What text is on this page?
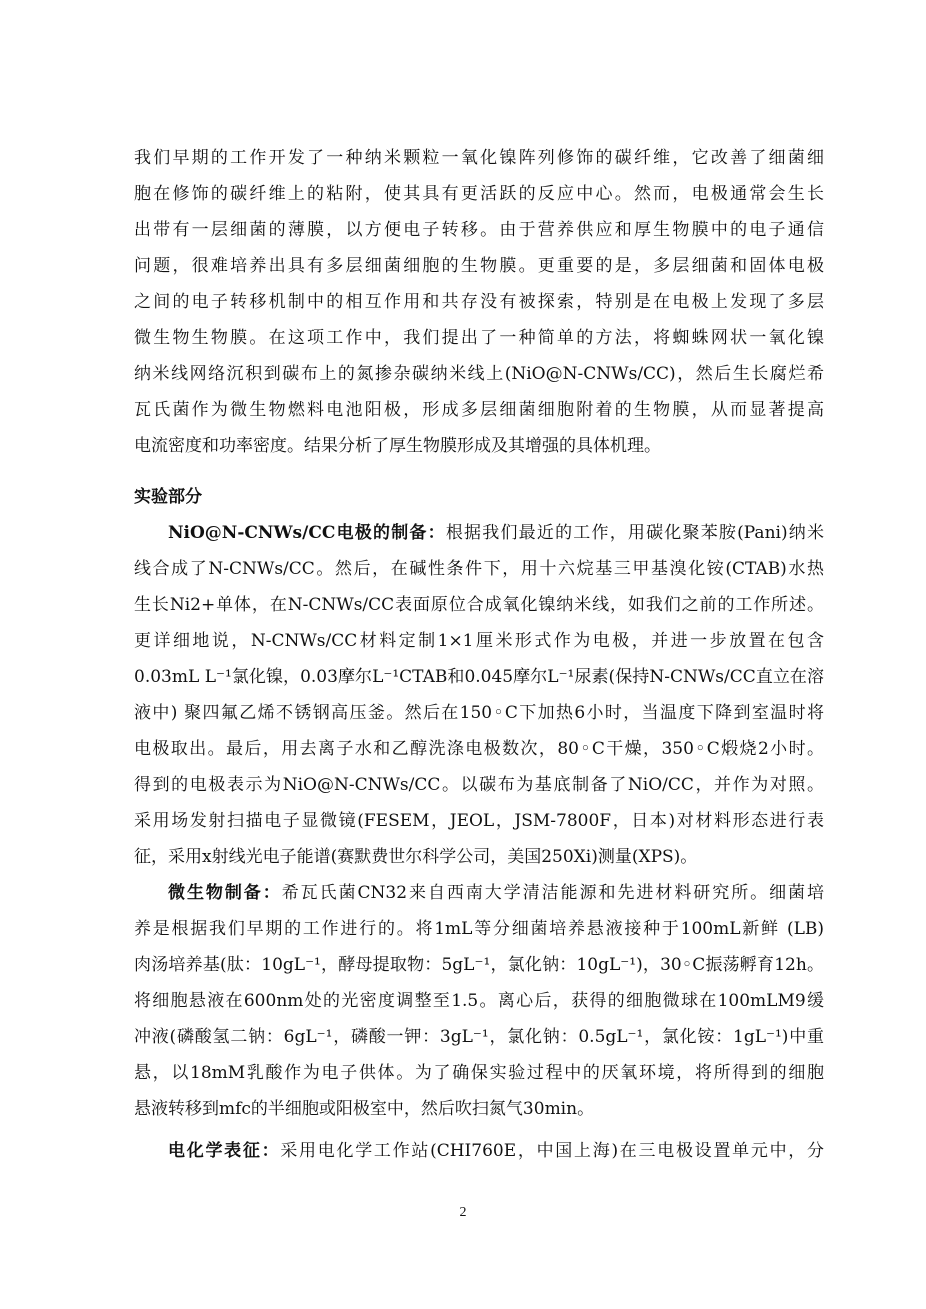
我们早期的工作开发了一种纳米颗粒一氧化镍阵列修饰的碳纤维，它改善了细菌细
胞在修饰的碳纤维上的粘附，使其具有更活跃的反应中心。然而，电极通常会生长
出带有一层细菌的薄膜，以方便电子转移。由于营养供应和厚生物膜中的电子通信
问题，很难培养出具有多层细菌细胞的生物膜。更重要的是，多层细菌和固体电极
之间的电子转移机制中的相互作用和共存没有被探索，特别是在电极上发现了多层
微生物生物膜。在这项工作中，我们提出了一种简单的方法，将蜘蛛网状一氧化镍
纳米线网络沉积到碳布上的氮掺杂碳纳米线上(NiO@N-CNWs/CC)，然后生长腐烂希
瓦氏菌作为微生物燃料电池阳极，形成多层细菌细胞附着的生物膜，从而显著提高
电流密度和功率密度。结果分析了厚生物膜形成及其增强的具体机理。
实验部分
NiO@N-CNWs/CC电极的制备：根据我们最近的工作，用碳化聚苯胺(Pani)纳米
线合成了N-CNWs/CC。然后，在碱性条件下，用十六烷基三甲基溴化铵(CTAB)水热
生长Ni2+单体，在N-CNWs/CC表面原位合成氧化镍纳米线，如我们之前的工作所述。
更详细地说，N-CNWs/CC材料定制1×1厘米形式作为电极，并进一步放置在包含
0.03mL L⁻¹氯化镍，0.03摩尔L⁻¹CTAB和0.045摩尔L⁻¹尿素(保持N-CNWs/CC直立在溶
液中) 聚四氟乙烯不锈钢高压釜。然后在150◦C下加热6小时，当温度下降到室温时将
电极取出。最后，用去离子水和乙醇洗涤电极数次，80◦C干燥，350◦C煅烧2小时。
得到的电极表示为NiO@N-CNWs/CC。以碳布为基底制备了NiO/CC，并作为对照。
采用场发射扫描电子显微镜(FESEM，JEOL，JSM-7800F，日本)对材料形态进行表
征，采用x射线光电子能谱(赛默费世尔科学公司，美国250Xi)测量(XPS)。
微生物制备：希瓦氏菌CN32来自西南大学清洁能源和先进材料研究所。细菌培
养是根据我们早期的工作进行的。将1mL等分细菌培养悬液接种于100mL新鲜 (LB)
肉汤培养基(肽：10gL⁻¹，酵母提取物：5gL⁻¹，氯化钠：10gL⁻¹)，30◦C振荡孵育12h。
将细胞悬液在600nm处的光密度调整至1.5。离心后，获得的细胞微球在100mLM9缓
冲液(磷酸氢二钠：6gL⁻¹，磷酸一钾：3gL⁻¹，氯化钠：0.5gL⁻¹，氯化铵：1gL⁻¹)中重
悬，以18mM乳酸作为电子供体。为了确保实验过程中的厌氧环境，将所得到的细胞
悬液转移到mfc的半细胞或阳极室中，然后吹扫氮气30min。
电化学表征：采用电化学工作站(CHI760E，中国上海)在三电极设置单元中，分
2
